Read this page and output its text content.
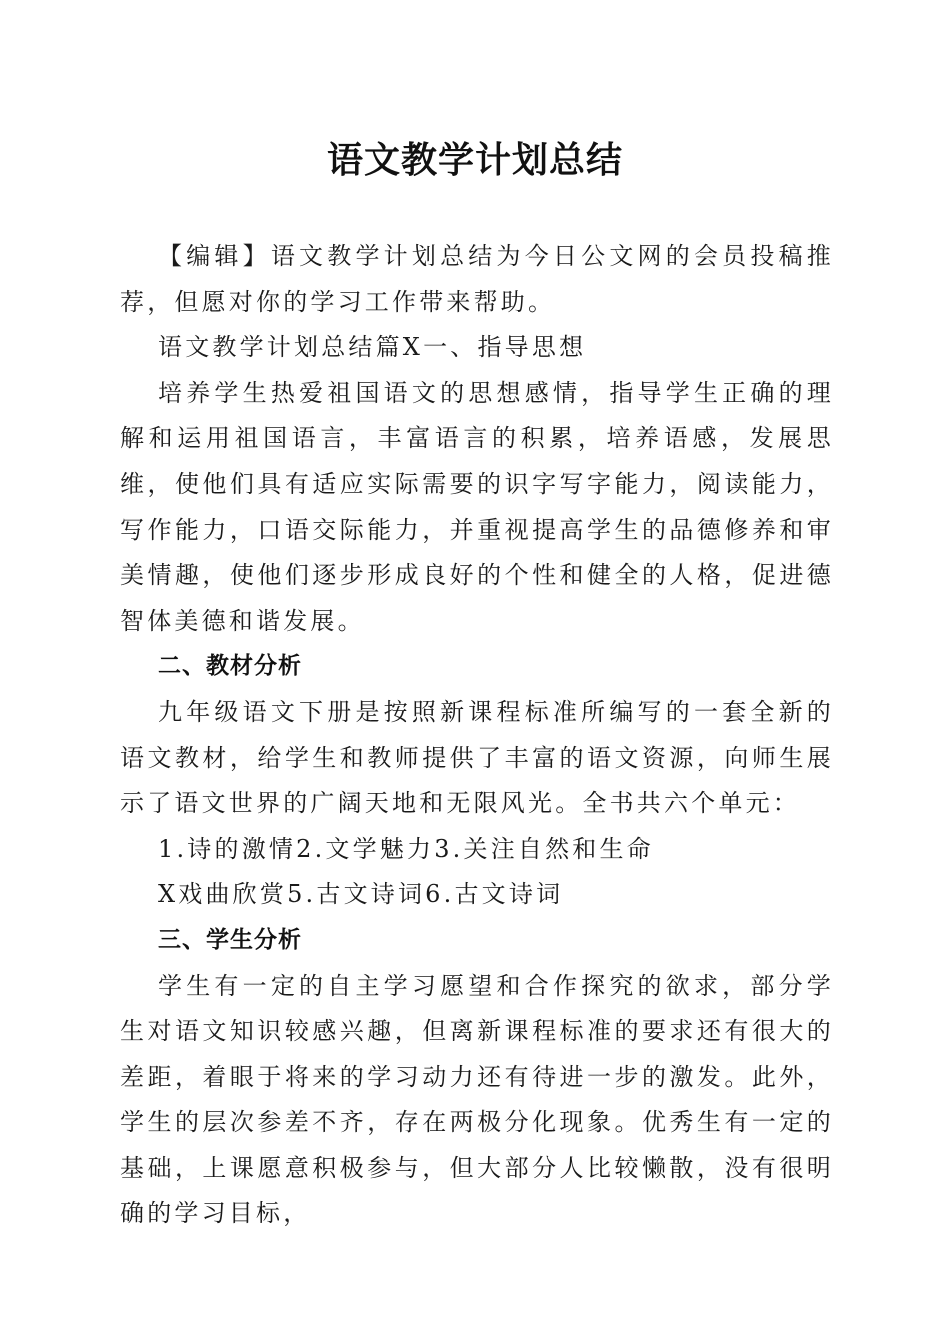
语文教学计划总结

【编辑】语文教学计划总结为今日公文网的会员投稿推荐，但愿对你的学习工作带来帮助。

语文教学计划总结篇X一、指导思想

培养学生热爱祖国语文的思想感情，指导学生正确的理解和运用祖国语言，丰富语言的积累，培养语感，发展思维，使他们具有适应实际需要的识字写字能力，阅读能力，写作能力，口语交际能力，并重视提高学生的品德修养和审美情趣，使他们逐步形成良好的个性和健全的人格，促进德智体美德和谐发展。

二、教材分析

九年级语文下册是按照新课程标准所编写的一套全新的语文教材，给学生和教师提供了丰富的语文资源，向师生展示了语文世界的广阔天地和无限风光。全书共六个单元：

1.诗的激情2.文学魅力3.关注自然和生命

X戏曲欣赏5.古文诗词6.古文诗词

三、学生分析

学生有一定的自主学习愿望和合作探究的欲求，部分学生对语文知识较感兴趣，但离新课程标准的要求还有很大的差距，着眼于将来的学习动力还有待进一步的激发。此外，学生的层次参差不齐，存在两极分化现象。优秀生有一定的基础，上课愿意积极参与，但大部分人比较懒散，没有很明确的学习目标，
